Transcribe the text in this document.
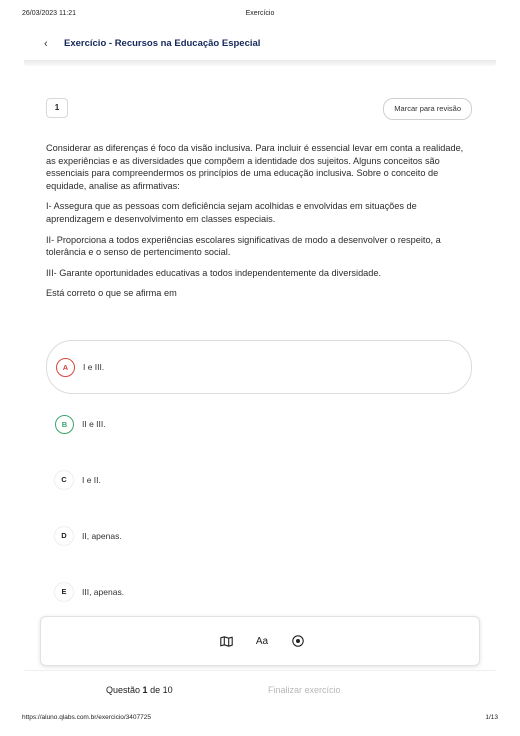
26/03/2023 11:21	Exercício
‹ Exercício - Recursos na Educação Especial
1	Marcar para revisão

Considerar as diferenças é foco da visão inclusiva. Para incluir é essencial levar em conta a realidade, as experiências e as diversidades que compõem a identidade dos sujeitos. Alguns conceitos são essenciais para compreendermos os princípios de uma educação inclusiva. Sobre o conceito de equidade, analise as afirmativas:

I- Assegura que as pessoas com deficiência sejam acolhidas e envolvidas em situações de aprendizagem e desenvolvimento em classes especiais.

II- Proporciona a todos experiências escolares significativas de modo a desenvolver o respeito, a tolerância e o senso de pertencimento social.

III- Garante oportunidades educativas a todos independentemente da diversidade.

Está correto o que se afirma em

A	I e III.
B	II e III.
C	I e II.
D	II, apenas.
E	III, apenas.
Aa
Questão 1 de 10	Finalizar exercício
https://aluno.qlabs.com.br/exercicio/3407725	1/13
